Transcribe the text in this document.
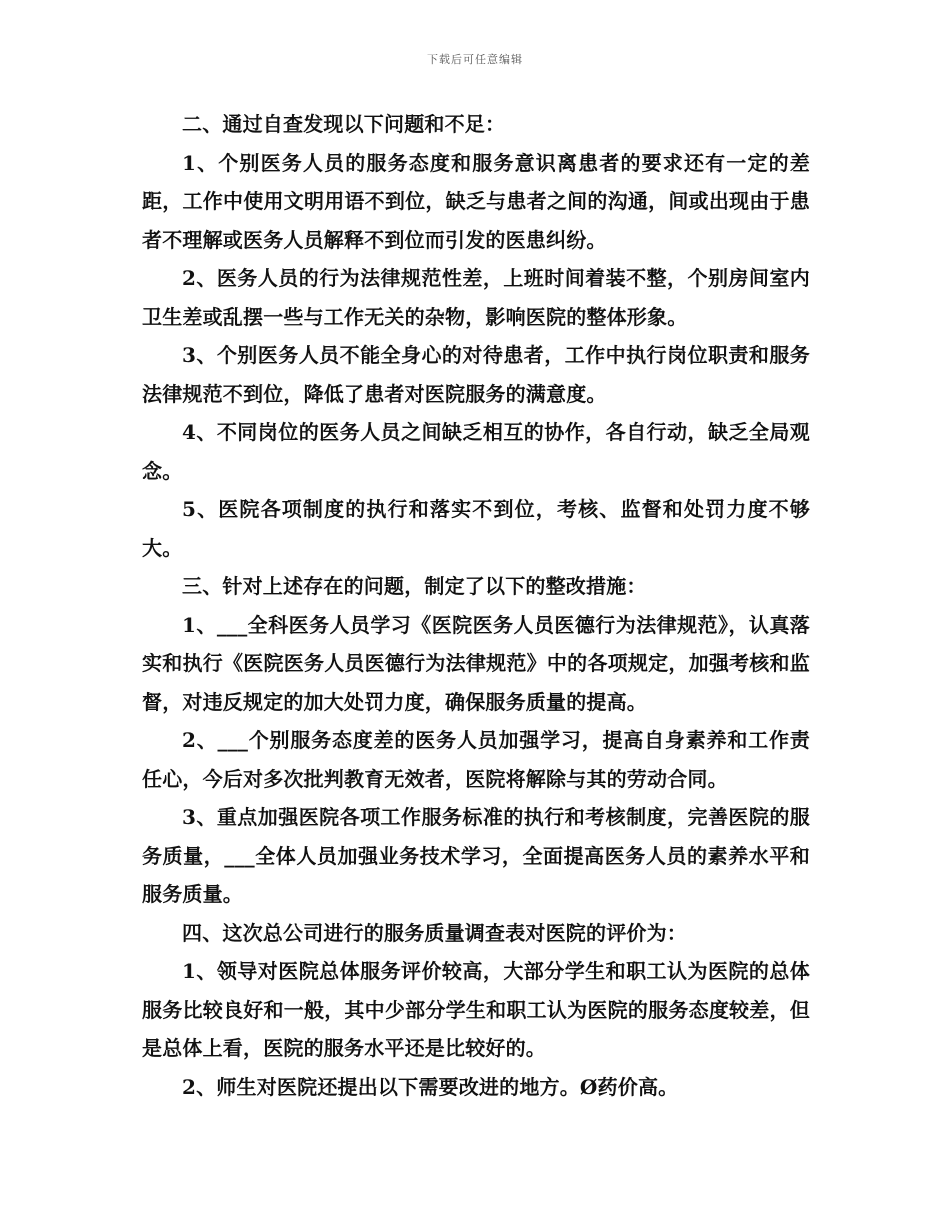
下载后可任意编辑

二、通过自查发现以下问题和不足：

1、个别医务人员的服务态度和服务意识离患者的要求还有一定的差距，工作中使用文明用语不到位，缺乏与患者之间的沟通，间或出现由于患者不理解或医务人员解释不到位而引发的医患纠纷。

2、医务人员的行为法律规范性差，上班时间着装不整，个别房间室内卫生差或乱摆一些与工作无关的杂物，影响医院的整体形象。

3、个别医务人员不能全身心的对待患者，工作中执行岗位职责和服务法律规范不到位，降低了患者对医院服务的满意度。

4、不同岗位的医务人员之间缺乏相互的协作，各自行动，缺乏全局观念。

5、医院各项制度的执行和落实不到位，考核、监督和处罚力度不够大。

三、针对上述存在的问题，制定了以下的整改措施：

1、___全科医务人员学习《医院医务人员医德行为法律规范》，认真落实和执行《医院医务人员医德行为法律规范》中的各项规定，加强考核和监督，对违反规定的加大处罚力度，确保服务质量的提高。

2、___个别服务态度差的医务人员加强学习，提高自身素养和工作责任心，今后对多次批判教育无效者，医院将解除与其的劳动合同。

3、重点加强医院各项工作服务标准的执行和考核制度，完善医院的服务质量，___全体人员加强业务技术学习，全面提高医务人员的素养水平和服务质量。

四、这次总公司进行的服务质量调查表对医院的评价为：

1、领导对医院总体服务评价较高，大部分学生和职工认为医院的总体服务比较良好和一般，其中少部分学生和职工认为医院的服务态度较差，但是总体上看，医院的服务水平还是比较好的。

2、师生对医院还提出以下需要改进的地方。Ø药价高。
